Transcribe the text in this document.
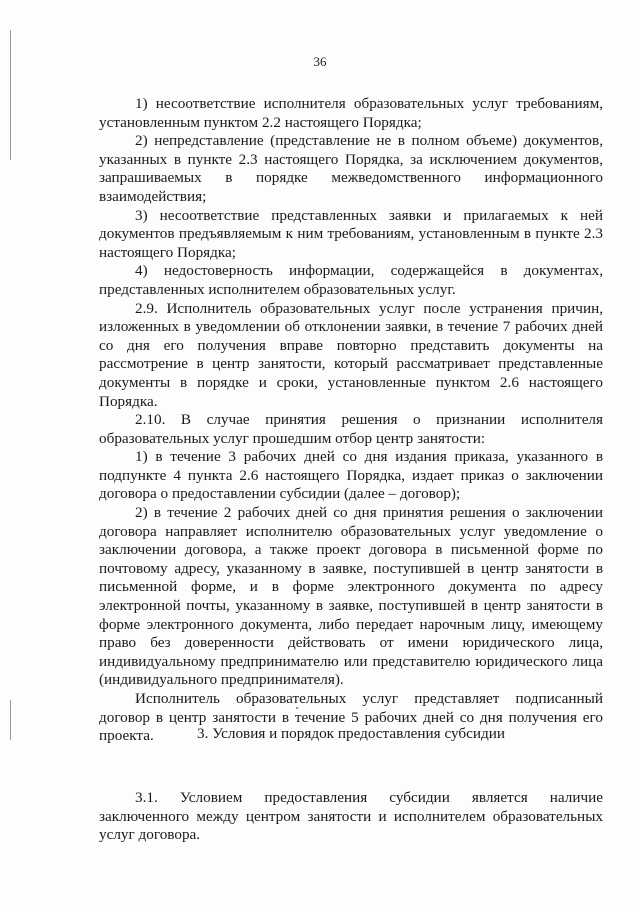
36

1) несоответствие исполнителя образовательных услуг требованиям, установленным пунктом 2.2 настоящего Порядка;

2) непредставление (представление не в полном объеме) документов, указанных в пункте 2.3 настоящего Порядка, за исключением документов, запрашиваемых в порядке межведомственного информационного взаимодействия;

3) несоответствие представленных заявки и прилагаемых к ней документов предъявляемым к ним требованиям, установленным в пункте 2.3 настоящего Порядка;

4) недостоверность информации, содержащейся в документах, представленных исполнителем образовательных услуг.

2.9. Исполнитель образовательных услуг после устранения причин, изложенных в уведомлении об отклонении заявки, в течение 7 рабочих дней со дня его получения вправе повторно представить документы на рассмотрение в центр занятости, который рассматривает представленные документы в порядке и сроки, установленные пунктом 2.6 настоящего Порядка.

2.10. В случае принятия решения о признании исполнителя образовательных услуг прошедшим отбор центр занятости:

1) в течение 3 рабочих дней со дня издания приказа, указанного в подпункте 4 пункта 2.6 настоящего Порядка, издает приказ о заключении договора о предоставлении субсидии (далее – договор);

2) в течение 2 рабочих дней со дня принятия решения о заключении договора направляет исполнителю образовательных услуг уведомление о заключении договора, а также проект договора в письменной форме по почтовому адресу, указанному в заявке, поступившей в центр занятости в письменной форме, и в форме электронного документа по адресу электронной почты, указанному в заявке, поступившей в центр занятости в форме электронного документа, либо передает нарочным лицу, имеющему право без доверенности действовать от имени юридического лица, индивидуальному предпринимателю или представителю юридического лица (индивидуального предпринимателя).

Исполнитель образовательных услуг представляет подписанный договор в центр занятости в течение 5 рабочих дней со дня получения его проекта.	3. Условия и порядок предоставления субсидии

3.1. Условием предоставления субсидии является наличие заключенного между центром занятости и исполнителем образовательных услуг договора.
